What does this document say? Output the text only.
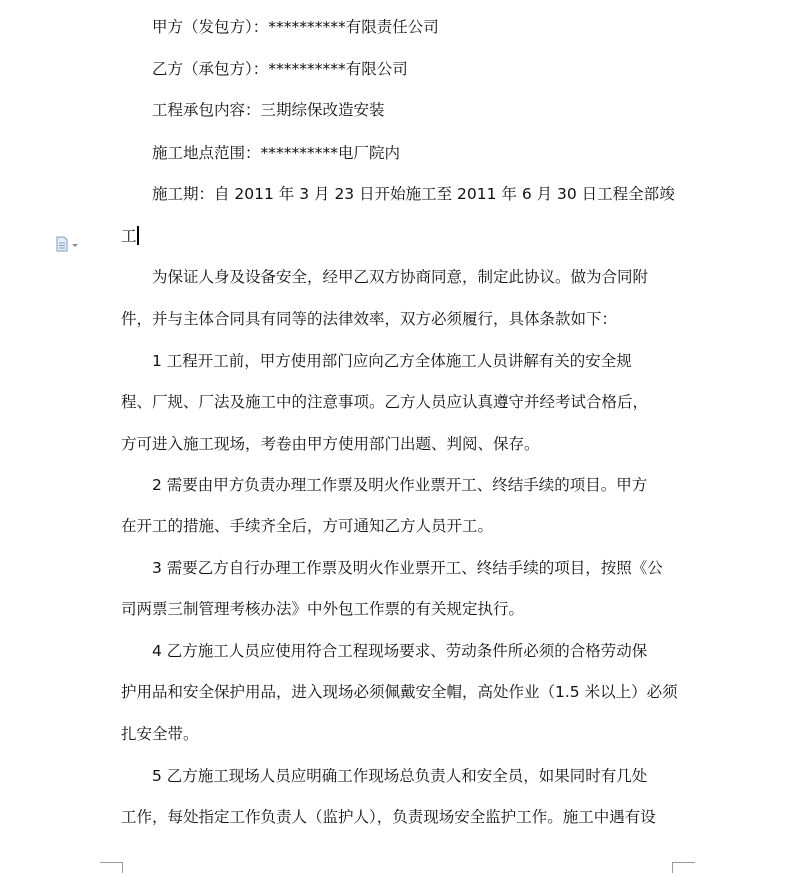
甲方（发包方）：**********有限责任公司
乙方（承包方）：**********有限公司
工程承包内容：三期综保改造安装
施工地点范围：**********电厂院内
施工期：自 2011 年 3 月 23 日开始施工至 2011 年 6 月 30 日工程全部竣
工
为保证人身及设备安全，经甲乙双方协商同意，制定此协议。做为合同附
件，并与主体合同具有同等的法律效率，双方必须履行，具体条款如下：
1 工程开工前，甲方使用部门应向乙方全体施工人员讲解有关的安全规
程、厂规、厂法及施工中的注意事项。乙方人员应认真遵守并经考试合格后，
方可进入施工现场，考卷由甲方使用部门出题、判阅、保存。
2 需要由甲方负责办理工作票及明火作业票开工、终结手续的项目。甲方
在开工的措施、手续齐全后，方可通知乙方人员开工。
3 需要乙方自行办理工作票及明火作业票开工、终结手续的项目，按照《公
司两票三制管理考核办法》中外包工作票的有关规定执行。
4 乙方施工人员应使用符合工程现场要求、劳动条件所必须的合格劳动保
护用品和安全保护用品，进入现场必须佩戴安全帽，高处作业（1.5 米以上）必须
扎安全带。
5 乙方施工现场人员应明确工作现场总负责人和安全员，如果同时有几处
工作，每处指定工作负责人（监护人），负责现场安全监护工作。施工中遇有设
